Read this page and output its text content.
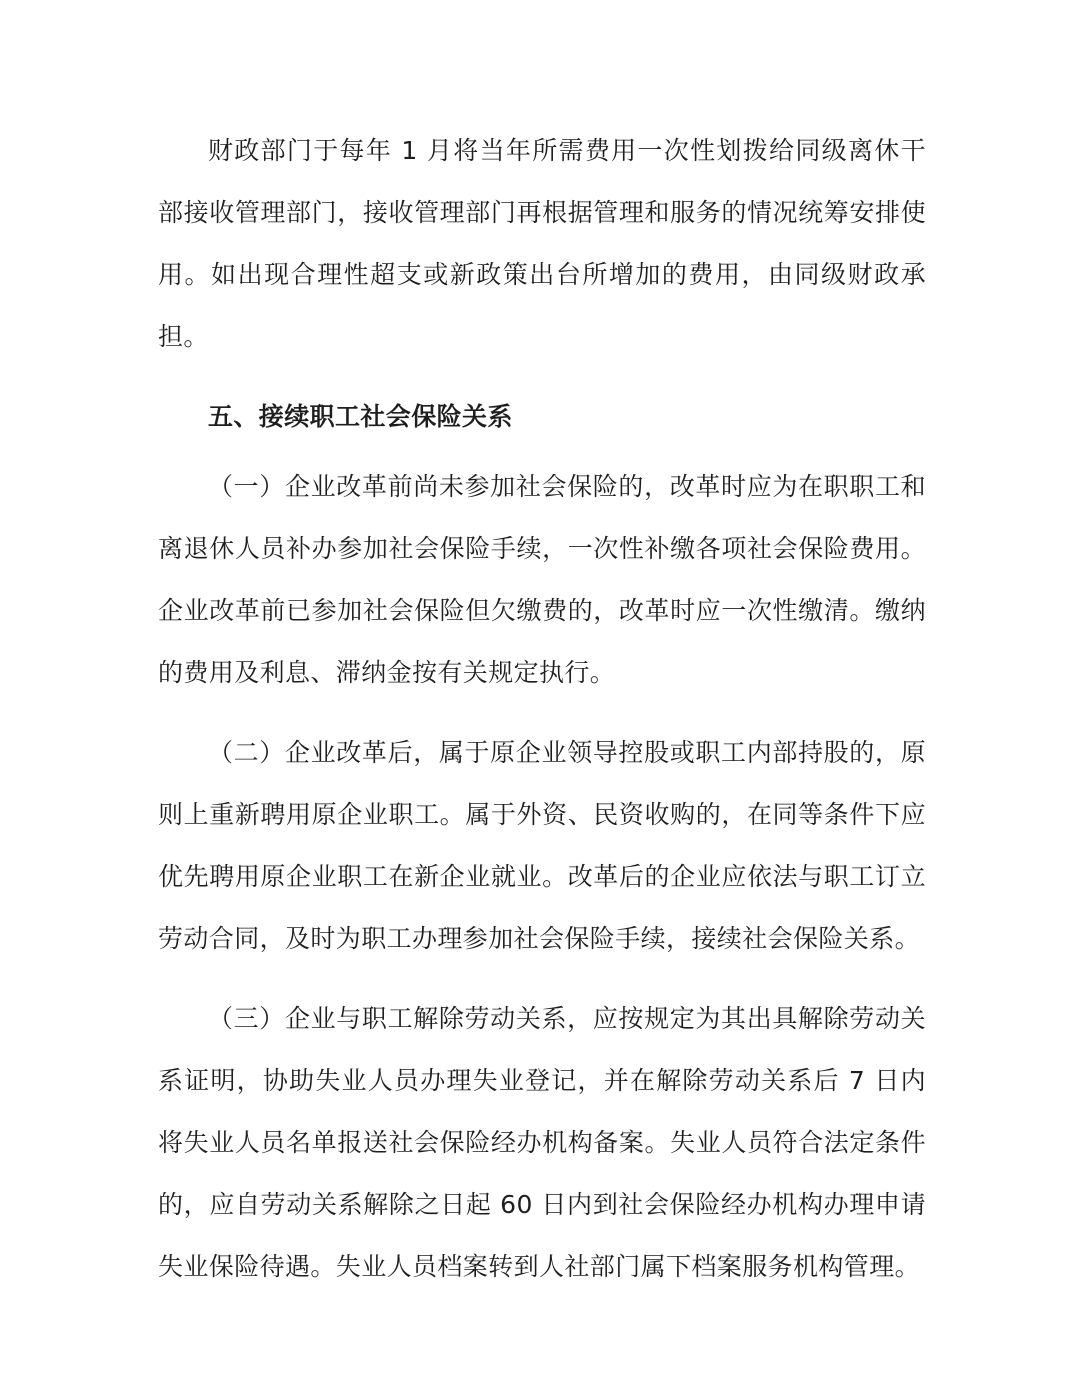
财政部门于每年 1 月将当年所需费用一次性划拨给同级离休干部接收管理部门，接收管理部门再根据管理和服务的情况统筹安排使用。如出现合理性超支或新政策出台所增加的费用，由同级财政承担。

五、接续职工社会保险关系

（一）企业改革前尚未参加社会保险的，改革时应为在职职工和离退休人员补办参加社会保险手续，一次性补缴各项社会保险费用。企业改革前已参加社会保险但欠缴费的，改革时应一次性缴清。缴纳的费用及利息、滞纳金按有关规定执行。

（二）企业改革后，属于原企业领导控股或职工内部持股的，原则上重新聘用原企业职工。属于外资、民资收购的，在同等条件下应优先聘用原企业职工在新企业就业。改革后的企业应依法与职工订立劳动合同，及时为职工办理参加社会保险手续，接续社会保险关系。

（三）企业与职工解除劳动关系，应按规定为其出具解除劳动关系证明，协助失业人员办理失业登记，并在解除劳动关系后 7 日内将失业人员名单报送社会保险经办机构备案。失业人员符合法定条件的，应自劳动关系解除之日起 60 日内到社会保险经办机构办理申请失业保险待遇。失业人员档案转到人社部门属下档案服务机构管理。
